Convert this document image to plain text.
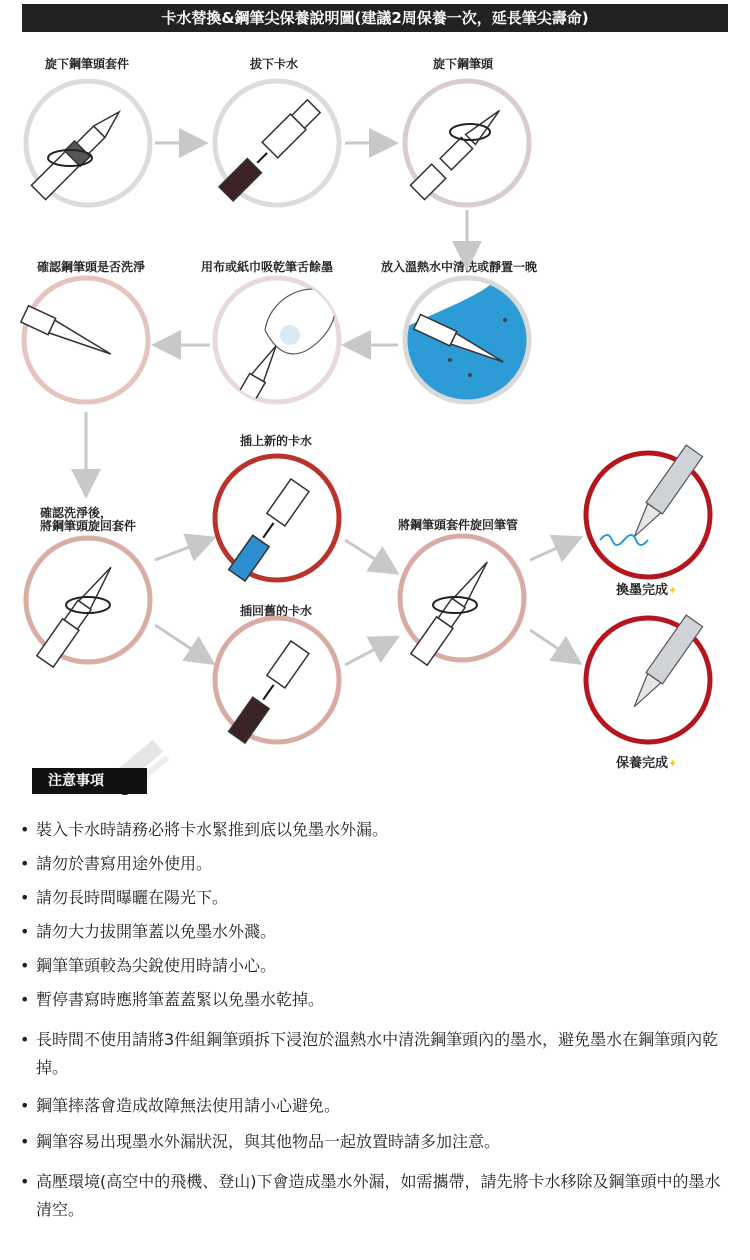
卡水替換&鋼筆尖保養說明圖(建議2周保養一次，延長筆尖壽命)
旋下鋼筆頭套件	拔下卡水	旋下鋼筆頭
確認鋼筆頭是否洗淨	用布或紙巾吸乾筆舌餘墨	放入溫熱水中清洗或靜置一晚
確認洗淨後，
將鋼筆頭旋回套件
插上新的卡水
插回舊的卡水
將鋼筆頭套件旋回筆管
換墨完成✦
保養完成✦
注意事項
• 裝入卡水時請務必將卡水緊推到底以免墨水外漏。
• 請勿於書寫用途外使用。
• 請勿長時間曝曬在陽光下。
• 請勿大力拔開筆蓋以免墨水外濺。
• 鋼筆筆頭較為尖銳使用時請小心。
• 暫停書寫時應將筆蓋蓋緊以免墨水乾掉。
• 長時間不使用請將3件組鋼筆頭拆下浸泡於溫熱水中清洗鋼筆頭內的墨水，避免墨水在鋼筆頭內乾掉。
• 鋼筆摔落會造成故障無法使用請小心避免。
• 鋼筆容易出現墨水外漏狀況，與其他物品一起放置時請多加注意。
• 高壓環境(高空中的飛機、登山)下會造成墨水外漏，如需攜帶，請先將卡水移除及鋼筆頭中的墨水清空。
